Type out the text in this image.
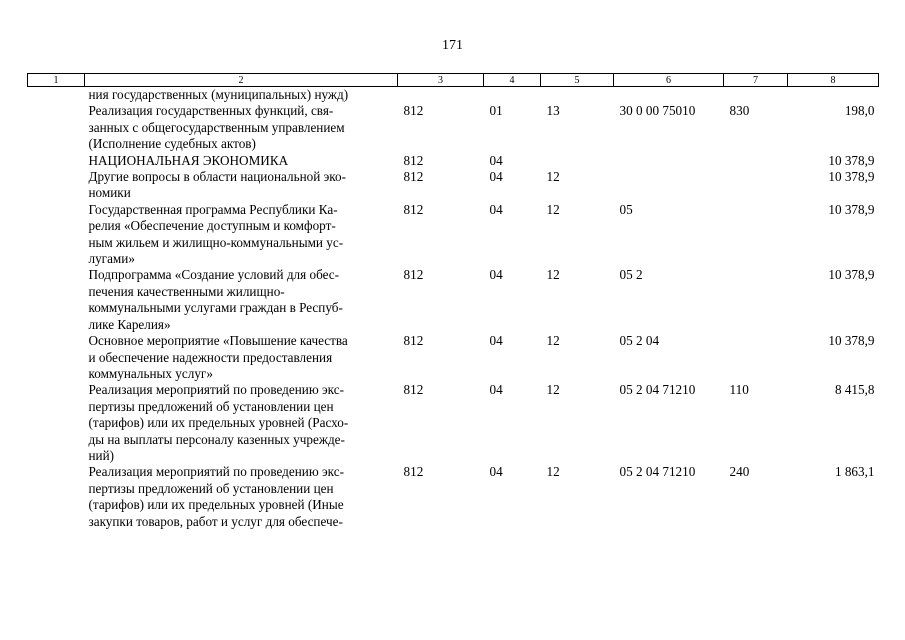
171
1	2	3	4	5	6	7	8
	ния государственных (муниципальных) нужд)						
	Реализация государственных функций, свя-
занных с общегосударственным управлением
(Исполнение судебных актов)	812	01	13	30 0 00 75010	830	198,0
	НАЦИОНАЛЬНАЯ ЭКОНОМИКА	812	04				10 378,9
	Другие вопросы в области национальной эко-
номики	812	04	12			10 378,9
	Государственная программа Республики Ка-
релия «Обеспечение доступным и комфорт-
ным жильем и жилищно-коммунальными ус-
лугами»	812	04	12	05		10 378,9
	Подпрограмма «Создание условий для обес-
печения качественными жилищно-
коммунальными услугами граждан в Респуб-
лике Карелия»	812	04	12	05 2		10 378,9
	Основное мероприятие «Повышение качества
и обеспечение надежности предоставления
коммунальных услуг»	812	04	12	05 2 04		10 378,9
	Реализация мероприятий по проведению экс-
пертизы предложений об установлении цен
(тарифов) или их предельных уровней (Расхо-
ды на выплаты персоналу казенных учрежде-
ний)	812	04	12	05 2 04 71210	110	8 415,8
	Реализация мероприятий по проведению экс-
пертизы предложений об установлении цен
(тарифов) или их предельных уровней (Иные
закупки товаров, работ и услуг для обеспече-	812	04	12	05 2 04 71210	240	1 863,1
